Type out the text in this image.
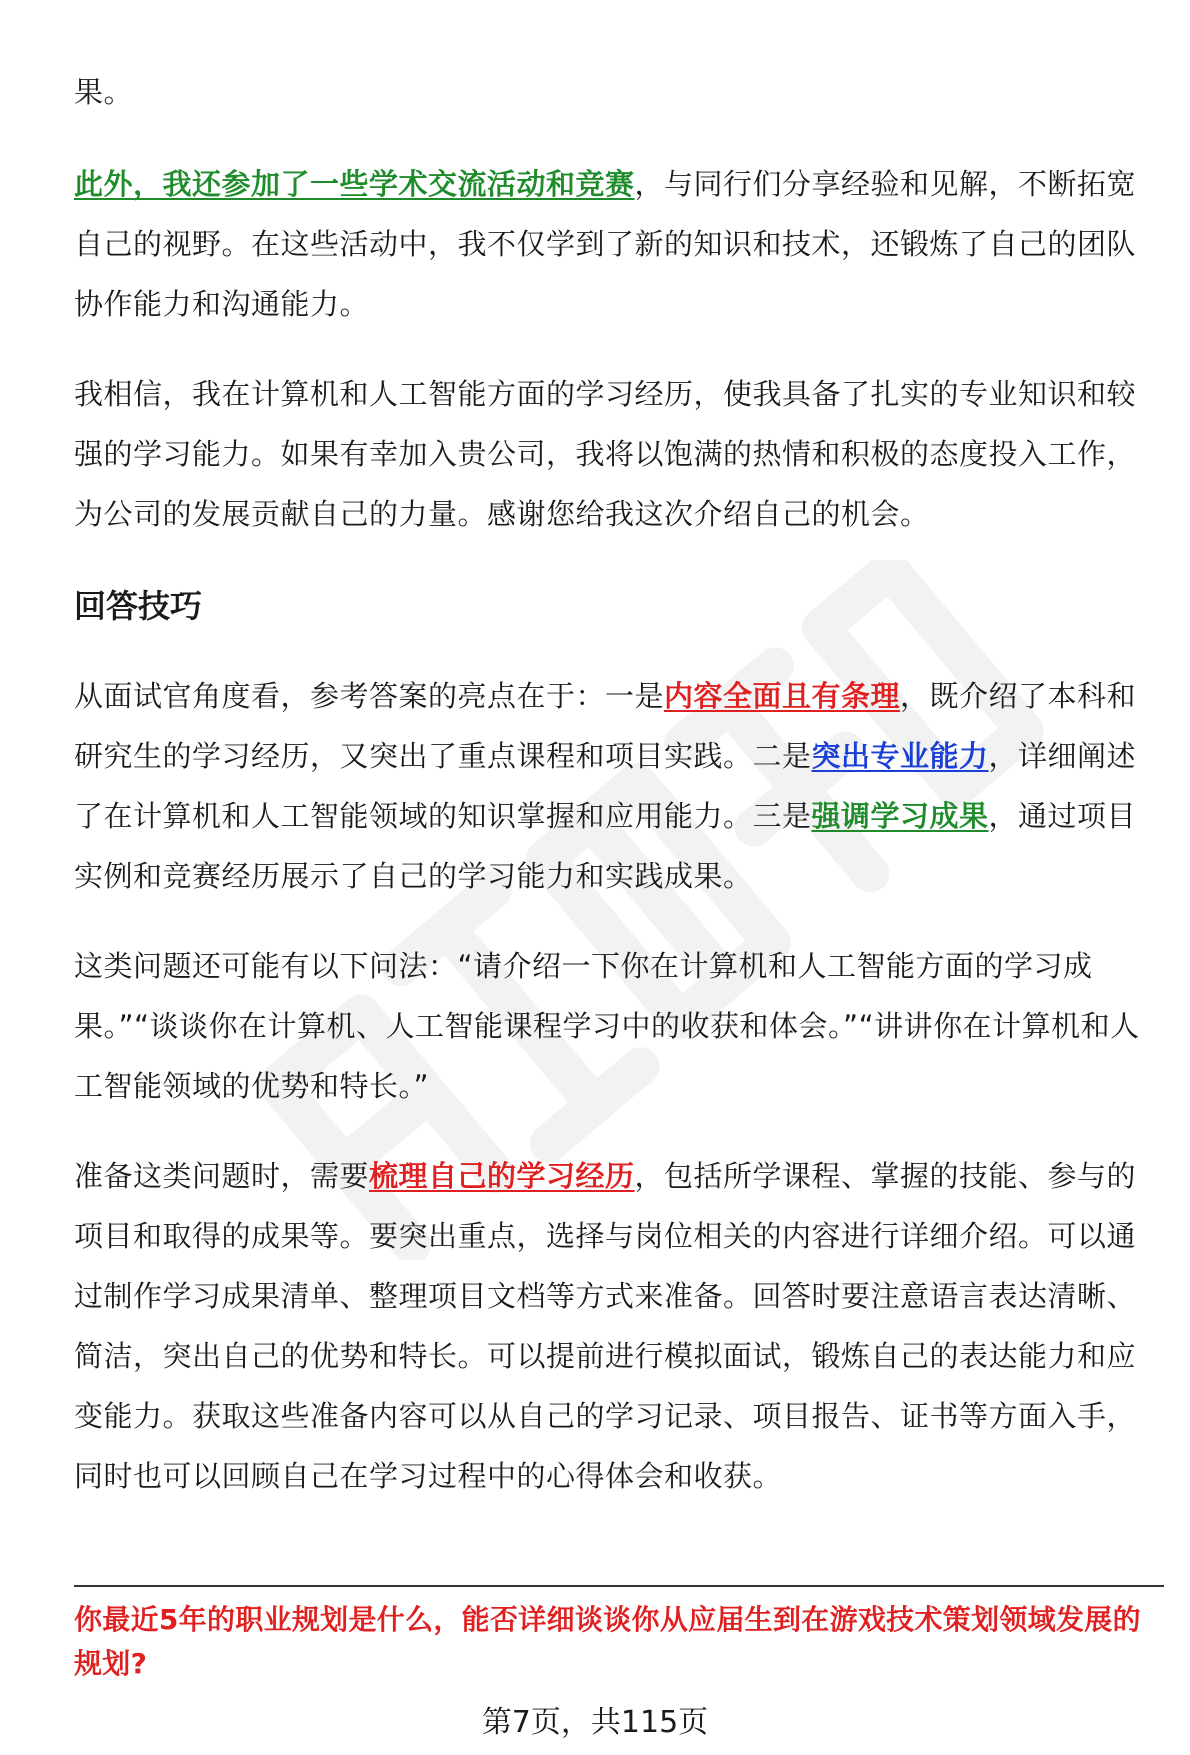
果。

此外，我还参加了一些学术交流活动和竞赛，与同行们分享经验和见解，不断拓宽自己的视野。在这些活动中，我不仅学到了新的知识和技术，还锻炼了自己的团队协作能力和沟通能力。

我相信，我在计算机和人工智能方面的学习经历，使我具备了扎实的专业知识和较强的学习能力。如果有幸加入贵公司，我将以饱满的热情和积极的态度投入工作，为公司的发展贡献自己的力量。感谢您给我这次介绍自己的机会。

回答技巧

从面试官角度看，参考答案的亮点在于：一是内容全面且有条理，既介绍了本科和研究生的学习经历，又突出了重点课程和项目实践。二是突出专业能力，详细阐述了在计算机和人工智能领域的知识掌握和应用能力。三是强调学习成果，通过项目实例和竞赛经历展示了自己的学习能力和实践成果。

这类问题还可能有以下问法：“请介绍一下你在计算机和人工智能方面的学习成果。”“谈谈你在计算机、人工智能课程学习中的收获和体会。”“讲讲你在计算机和人工智能领域的优势和特长。”

准备这类问题时，需要梳理自己的学习经历，包括所学课程、掌握的技能、参与的项目和取得的成果等。要突出重点，选择与岗位相关的内容进行详细介绍。可以通过制作学习成果清单、整理项目文档等方式来准备。回答时要注意语言表达清晰、简洁，突出自己的优势和特长。可以提前进行模拟面试，锻炼自己的表达能力和应变能力。获取这些准备内容可以从自己的学习记录、项目报告、证书等方面入手，同时也可以回顾自己在学习过程中的心得体会和收获。

你最近5年的职业规划是什么，能否详细谈谈你从应届生到在游戏技术策划领域发展的规划?
第7页，共115页
